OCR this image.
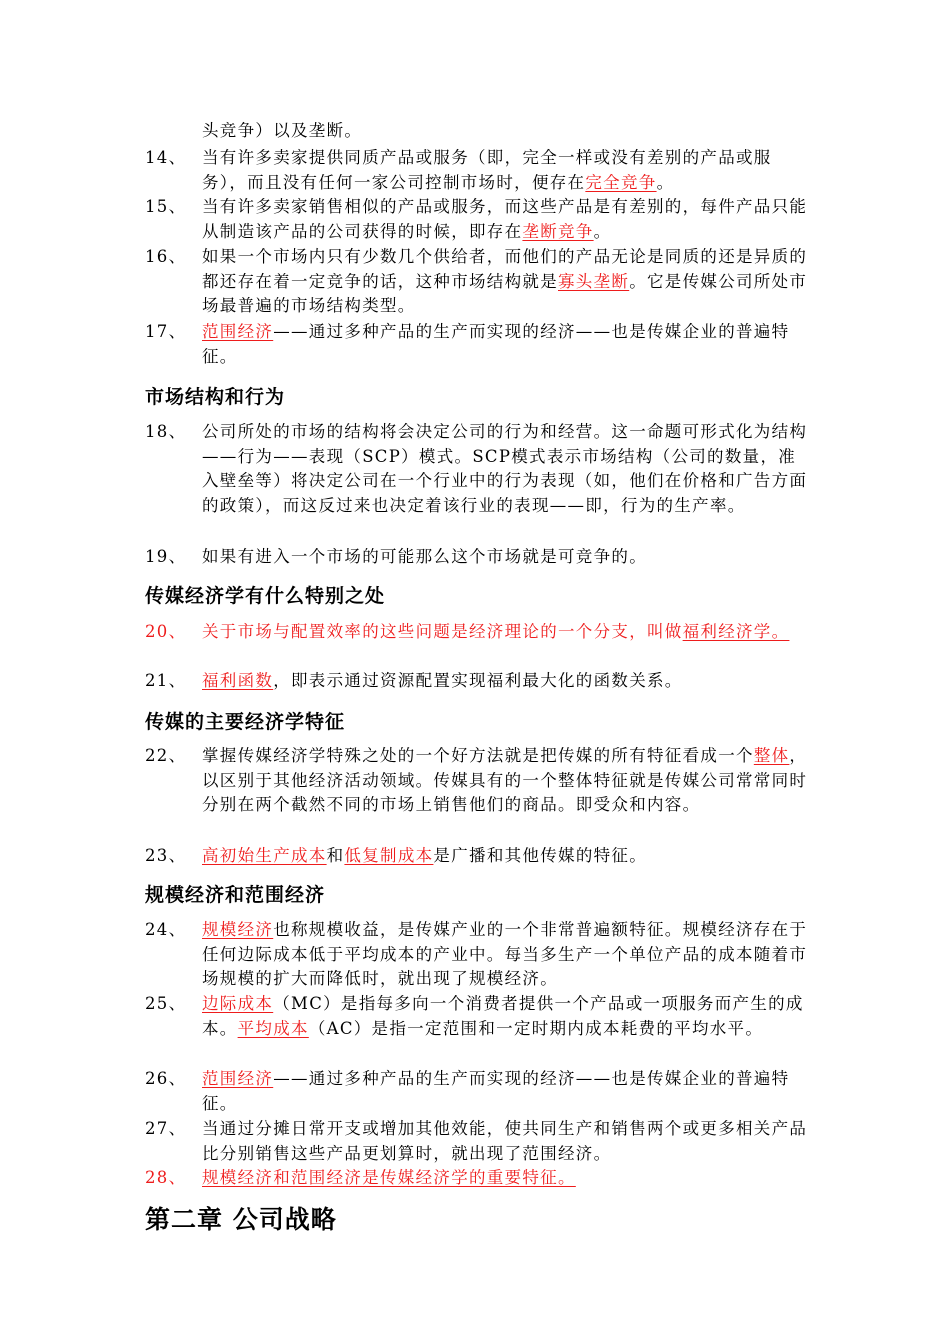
头竞争）以及垄断。
14、 当有许多卖家提供同质产品或服务（即，完全一样或没有差别的产品或服务），而且没有任何一家公司控制市场时，便存在完全竞争。
15、 当有许多卖家销售相似的产品或服务，而这些产品是有差别的，每件产品只能从制造该产品的公司获得的时候，即存在垄断竞争。
16、 如果一个市场内只有少数几个供给者，而他们的产品无论是同质的还是异质的都还存在着一定竞争的话，这种市场结构就是寡头垄断。它是传媒公司所处市场最普遍的市场结构类型。
17、 范围经济——通过多种产品的生产而实现的经济——也是传媒企业的普遍特征。
市场结构和行为
18、 公司所处的市场的结构将会决定公司的行为和经营。这一命题可形式化为结构——行为——表现（SCP）模式。SCP模式表示市场结构（公司的数量，准入壁垒等）将决定公司在一个行业中的行为表现（如，他们在价格和广告方面的政策），而这反过来也决定着该行业的表现——即，行为的生产率。
19、 如果有进入一个市场的可能那么这个市场就是可竞争的。
传媒经济学有什么特别之处
20、 关于市场与配置效率的这些问题是经济理论的一个分支，叫做福利经济学。
21、 福利函数，即表示通过资源配置实现福利最大化的函数关系。
传媒的主要经济学特征
22、 掌握传媒经济学特殊之处的一个好方法就是把传媒的所有特征看成一个整体，以区别于其他经济活动领域。传媒具有的一个整体特征就是传媒公司常常同时分别在两个截然不同的市场上销售他们的商品。即受众和内容。
23、 高初始生产成本和低复制成本是广播和其他传媒的特征。
规模经济和范围经济
24、 规模经济也称规模收益，是传媒产业的一个非常普遍额特征。规模经济存在于任何边际成本低于平均成本的产业中。每当多生产一个单位产品的成本随着市场规模的扩大而降低时，就出现了规模经济。
25、 边际成本（MC）是指每多向一个消费者提供一个产品或一项服务而产生的成本。平均成本（AC）是指一定范围和一定时期内成本耗费的平均水平。
26、 范围经济——通过多种产品的生产而实现的经济——也是传媒企业的普遍特征。
27、 当通过分摊日常开支或增加其他效能，使共同生产和销售两个或更多相关产品比分别销售这些产品更划算时，就出现了范围经济。
28、 规模经济和范围经济是传媒经济学的重要特征。
第二章 公司战略
